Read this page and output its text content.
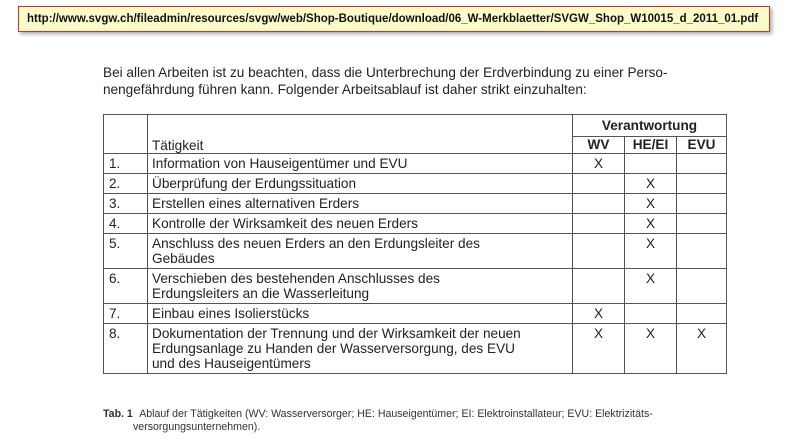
http://www.svgw.ch/fileadmin/resources/svgw/web/Shop-Boutique/download/06_W-Merkblaetter/SVGW_Shop_W10015_d_2011_01.pdf
Bei allen Arbeiten ist zu beachten, dass die Unterbrechung der Erdverbindung zu einer Perso-
nengefährdung führen kann. Folgender Arbeitsablauf ist daher strikt einzuhalten:
	Tätigkeit	Verantwortung		
		WV	HE/EI	EVU
1.	Information von Hauseigentümer und EVU	X		
2.	Überprüfung der Erdungssituation		X	
3.	Erstellen eines alternativen Erders		X	
4.	Kontrolle der Wirksamkeit des neuen Erders		X	
5.	Anschluss des neuen Erders an den Erdungsleiter des
Gebäudes		X	
6.	Verschieben des bestehenden Anschlusses des
Erdungsleiters an die Wasserleitung		X	
7.	Einbau eines Isolierstücks	X		
8.	Dokumentation der Trennung und der Wirksamkeit der neuen
Erdungsanlage zu Handen der Wasserversorgung, des EVU
und des Hauseigentümers	X	X	X
Tab. 1 Ablauf der Tätigkeiten (WV: Wasserversorger; HE: Hauseigentümer; EI: Elektroinstallateur; EVU: Elektrizitäts-
versorgungsunternehmen).
